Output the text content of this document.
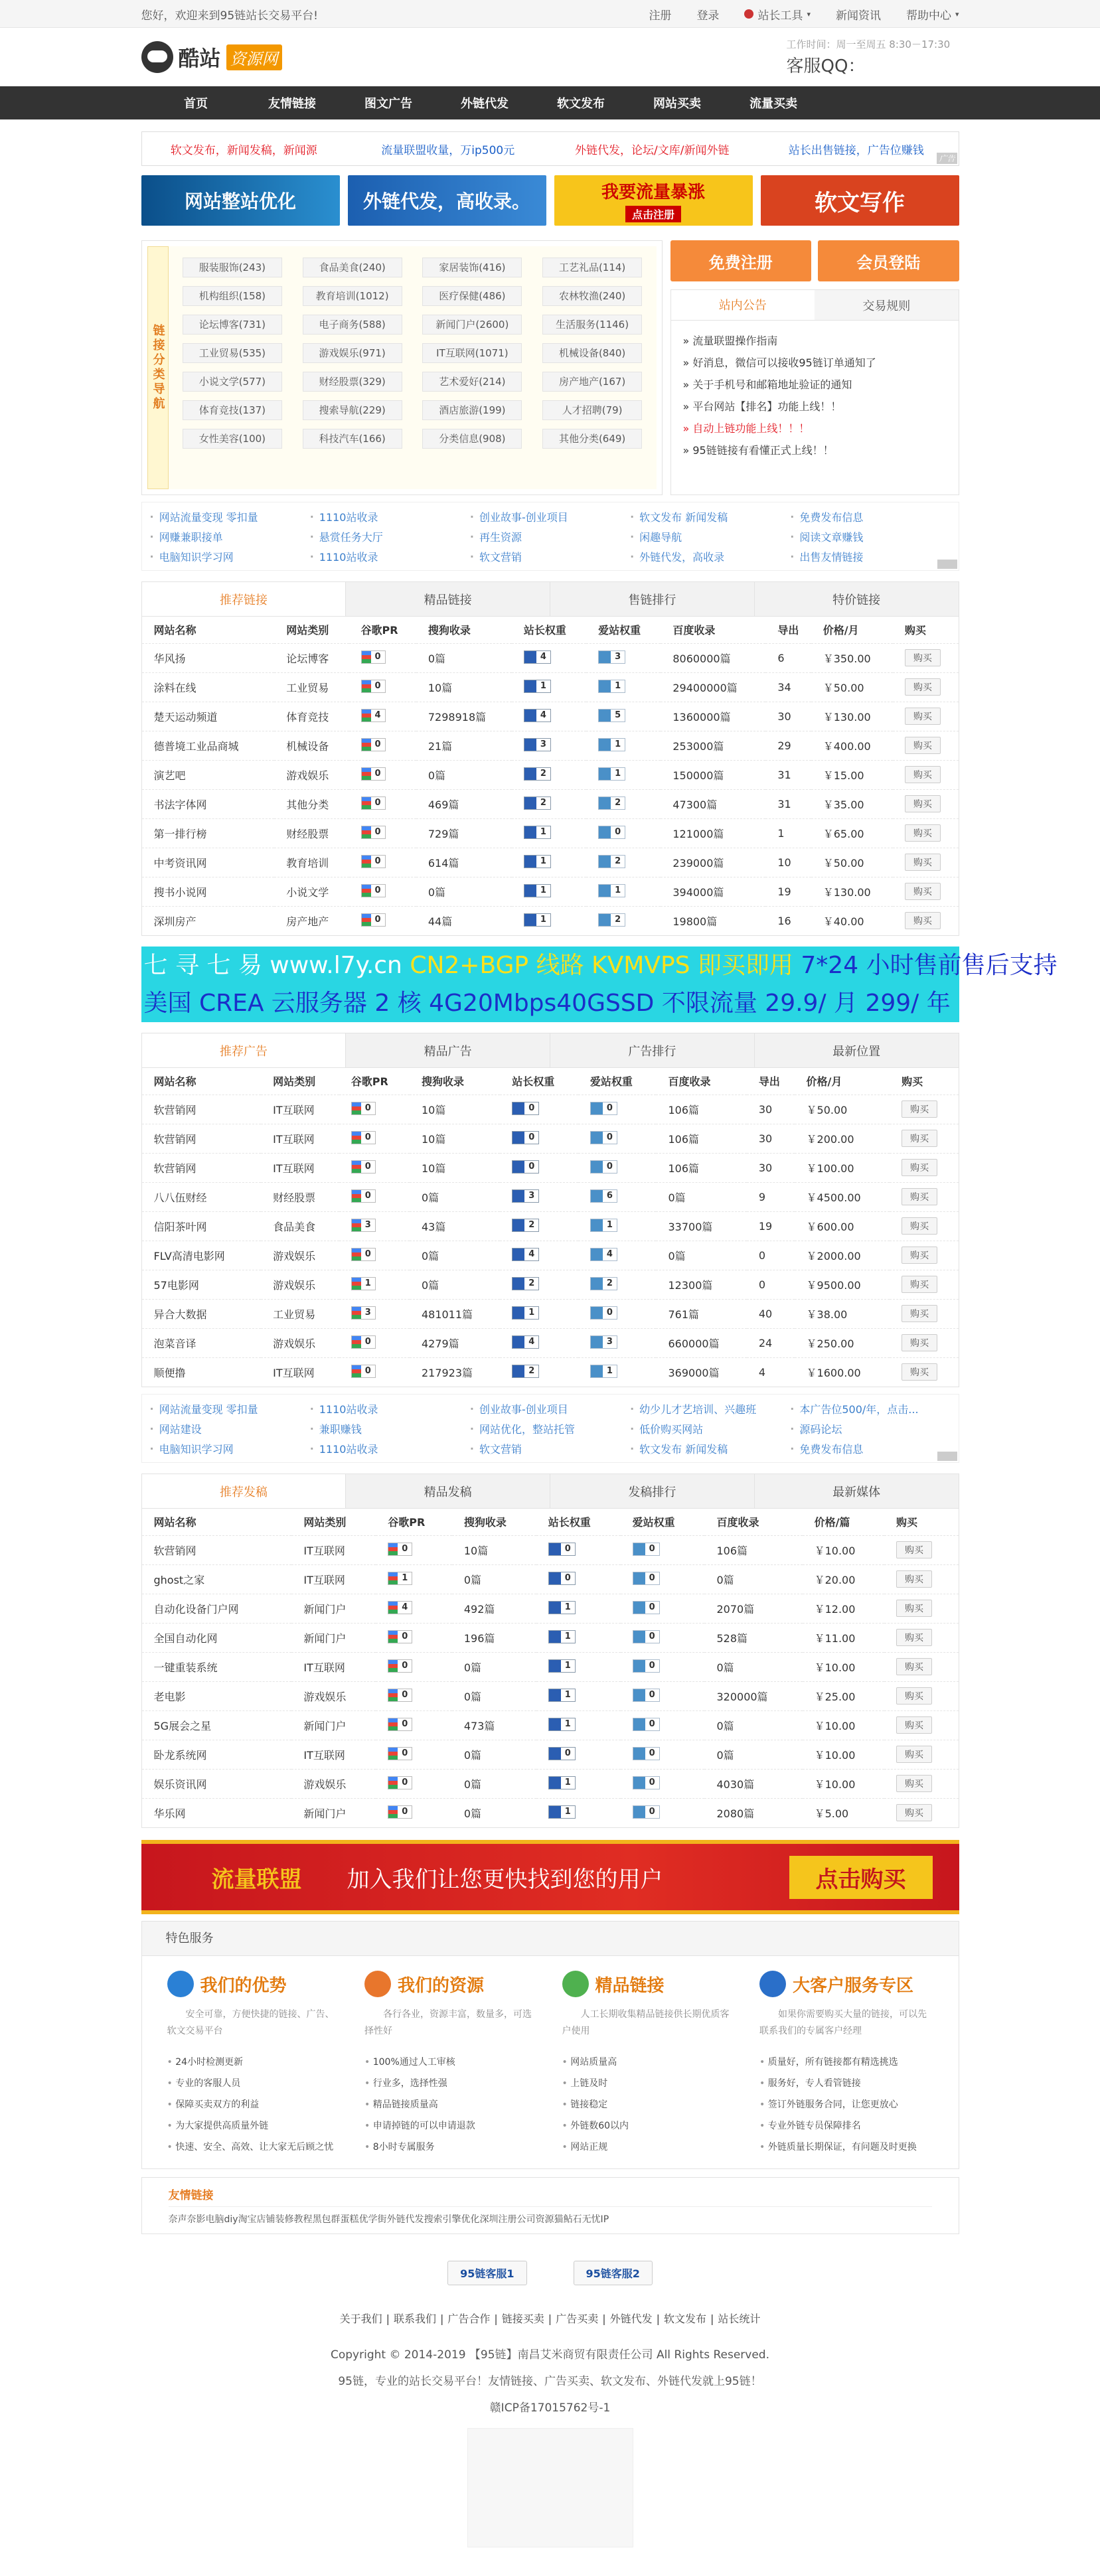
您好，欢迎来到95链站长交易平台!	注册 登录	站长工具 ▾ 新闻资讯 帮助中心 ▾
酷站 资源网
工作时间：周一至周五 8:30－17:30
客服QQ：
首页	友情链接	图文广告	外链代发	软文发布	网站买卖	流量买卖
软文发布，新闻发稿，新闻源	流量联盟收量，万ip500元	外链代发，论坛/文库/新闻外链	站长出售链接，广告位赚钱
广告
网站整站优化	外链代发，高收录。	我要流量暴涨
点击注册	软文写作
链接分类导航
服装服饰(243)	食品美食(240)	家居装饰(416)	工艺礼品(114)
机构组织(158)	教育培训(1012)	医疗保健(486)	农林牧渔(240)
论坛博客(731)	电子商务(588)	新闻门户(2600)	生活服务(1146)
工业贸易(535)	游戏娱乐(971)	IT互联网(1071)	机械设备(840)
小说文学(577)	财经股票(329)	艺术爱好(214)	房产地产(167)
体育竞技(137)	搜索导航(229)	酒店旅游(199)	人才招聘(79)
女性美容(100)	科技汽车(166)	分类信息(908)	其他分类(649)
免费注册	会员登陆
站内公告	交易规则
» 流量联盟操作指南
» 好消息，微信可以接收95链订单通知了
» 关于手机号和邮箱地址验证的通知
» 平台网站【排名】功能上线！！
» 自动上链功能上线！！！
» 95链链接有看懂正式上线！！
· 网站流量变现 零扣量	· 1110站收录	· 创业故事-创业项目	· 软文发布 新闻发稿	· 免费发布信息
· 网赚兼职接单	· 悬赏任务大厅	· 再生资源	· 闲趣导航	· 阅读文章赚钱
· 电脑知识学习网	· 1110站收录	· 软文营销	· 外链代发，高收录	· 出售友情链接
推荐链接	精品链接	售链排行	特价链接
网站名称	网站类别	谷歌PR	搜狗收录	站长权重	爱站权重	百度收录	导出	价格/月	购买
华风扬	论坛博客	0	0篇	4	3	8060000篇	6	￥350.00	购买
涂料在线	工业贸易	0	10篇	1	1	29400000篇	34	￥50.00	购买
楚天运动频道	体育竞技	4	7298918篇	4	5	1360000篇	30	￥130.00	购买
德普境工业品商城	机械设备	0	21篇	3	1	253000篇	29	￥400.00	购买
演艺吧	游戏娱乐	0	0篇	2	1	150000篇	31	￥15.00	购买
书法字体网	其他分类	0	469篇	2	2	47300篇	31	￥35.00	购买
第一排行榜	财经股票	0	729篇	1	0	121000篇	1	￥65.00	购买
中考资讯网	教育培训	0	614篇	1	2	239000篇	10	￥50.00	购买
搜书小说网	小说文学	0	0篇	1	1	394000篇	19	￥130.00	购买
深圳房产	房产地产	0	44篇	1	2	19800篇	16	￥40.00	购买
七 寻 七 易 www.l7y.cn CN2+BGP 线路 KVMVPS 即买即用 7*24 小时售前售后支持
美国 CREA 云服务器 2 核 4G20Mbps40GSSD 不限流量 29.9/ 月 299/ 年
推荐广告	精品广告	广告排行	最新位置
网站名称	网站类别	谷歌PR	搜狗收录	站长权重	爱站权重	百度收录	导出	价格/月	购买
软营销网	IT互联网	0	10篇	0	0	106篇	30	￥50.00	购买
软营销网	IT互联网	0	10篇	0	0	106篇	30	￥200.00	购买
软营销网	IT互联网	0	10篇	0	0	106篇	30	￥100.00	购买
八八伍财经	财经股票	0	0篇	3	6	0篇	9	￥4500.00	购买
信阳茶叶网	食品美食	3	43篇	2	1	33700篇	19	￥600.00	购买
FLV高清电影网	游戏娱乐	0	0篇	4	4	0篇	0	￥2000.00	购买
57电影网	游戏娱乐	1	0篇	2	2	12300篇	0	￥9500.00	购买
异合大数据	工业贸易	3	481011篇	1	0	761篇	40	￥38.00	购买
泡菜音译	游戏娱乐	0	4279篇	4	3	660000篇	24	￥250.00	购买
顺便撸	IT互联网	0	217923篇	2	1	369000篇	4	￥1600.00	购买
· 网站流量变现 零扣量	· 1110站收录	· 创业故事-创业项目	· 幼少儿才艺培训、兴趣班	· 本广告位500/年，点击...
· 网站建设	· 兼职赚钱	· 网站优化，整站托管	· 低价购买网站	· 源码论坛
· 电脑知识学习网	· 1110站收录	· 软文营销	· 软文发布 新闻发稿	· 免费发布信息
推荐发稿	精品发稿	发稿排行	最新媒体
网站名称	网站类别	谷歌PR	搜狗收录	站长权重	爱站权重	百度收录	价格/篇	购买
软营销网	IT互联网	0	10篇	0	0	106篇	￥10.00	购买
ghost之家	IT互联网	1	0篇	0	0	0篇	￥20.00	购买
自动化设备门户网	新闻门户	4	492篇	1	0	2070篇	￥12.00	购买
全国自动化网	新闻门户	0	196篇	1	0	528篇	￥11.00	购买
一键重装系统	IT互联网	0	0篇	1	0	0篇	￥10.00	购买
老电影	游戏娱乐	0	0篇	1	0	320000篇	￥25.00	购买
5G展会之星	新闻门户	0	473篇	1	0	0篇	￥10.00	购买
卧龙系统网	IT互联网	0	0篇	0	0	0篇	￥10.00	购买
娱乐资讯网	游戏娱乐	0	0篇	1	0	4030篇	￥10.00	购买
华乐网	新闻门户	0	0篇	1	0	2080篇	￥5.00	购买
流量联盟 加入我们让您更快找到您的用户	点击购买
特色服务
我们的优势
安全可靠，方便快捷的链接、广告、软文交易平台
• 24小时检测更新
• 专业的客服人员
• 保障买卖双方的利益
• 为大家提供高质量外链
• 快速、安全、高效、让大家无后顾之忧
我们的资源
各行各业，资源丰富，数量多，可选择性好
• 100%通过人工审核
• 行业多，选择性强
• 精品链接质量高
• 申请掉链的可以申请退款
• 8小时专属服务
精品链接
人工长期收集精品链接供长期优质客户使用
• 网站质量高
• 上链及时
• 链接稳定
• 外链数60以内
• 网站正规
大客户服务专区
如果你需要购买大量的链接，可以先联系我们的专属客户经理
• 质量好，所有链接都有精选挑选
• 服务好，专人看管链接
• 签订外链服务合同，让您更放心
• 专业外链专员保障排名
• 外链质量长期保证，有问题及时更换
友情链接
奈声奈影电脑diy淘宝店铺装修教程黑包群蛋糕优学街外链代发搜索引擎优化深圳注册公司资源猫鲇石无忧IP
95链客服1	95链客服2
关于我们 | 联系我们 | 广告合作 | 链接买卖 | 广告买卖 | 外链代发 | 软文发布 | 站长统计
Copyright © 2014-2019 【95链】南昌艾米商贸有限责任公司 All Rights Reserved.
95链，专业的站长交易平台！友情链接、广告买卖、软文发布、外链代发就上95链！
赣ICP备17015762号-1
